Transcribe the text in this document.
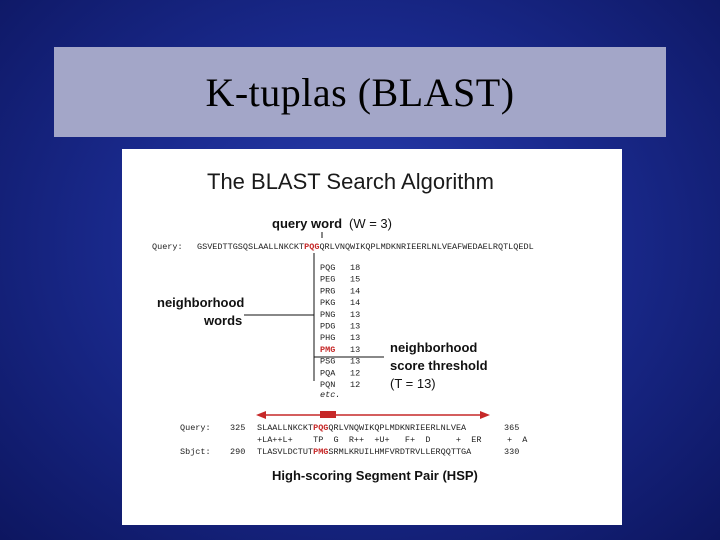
K-tuplas (BLAST)
The BLAST Search Algorithm
query word (W = 3)
Query: GSVEDTTGSQSLAALLNKCKTPQGQRLVNQWIKQPLMDKNRIEERLNLVEAFWEDAELRQTLQEDL
neighborhood
words
PQG 18
PEG 15
PRG 14
PKG 14
PNG 13
PDG 13
PHG 13
PMG 13
PSG 13
PQA 12
PQN 12
etc.
neighborhood
score threshold
(T = 13)
Query: 325 SLAALLNKCKTPQGQRLVNQWIKQPLMDKNRIEERLNLVEA	365
+LA++L+    TP  G  R++  +U+   F+  D     +  ER     +  A
Sbjct: 290 TLASVLDCTUTPMGSRMLKRUILHMFVRDTRVLLERQQTTGA	330
High-scoring Segment Pair (HSP)
